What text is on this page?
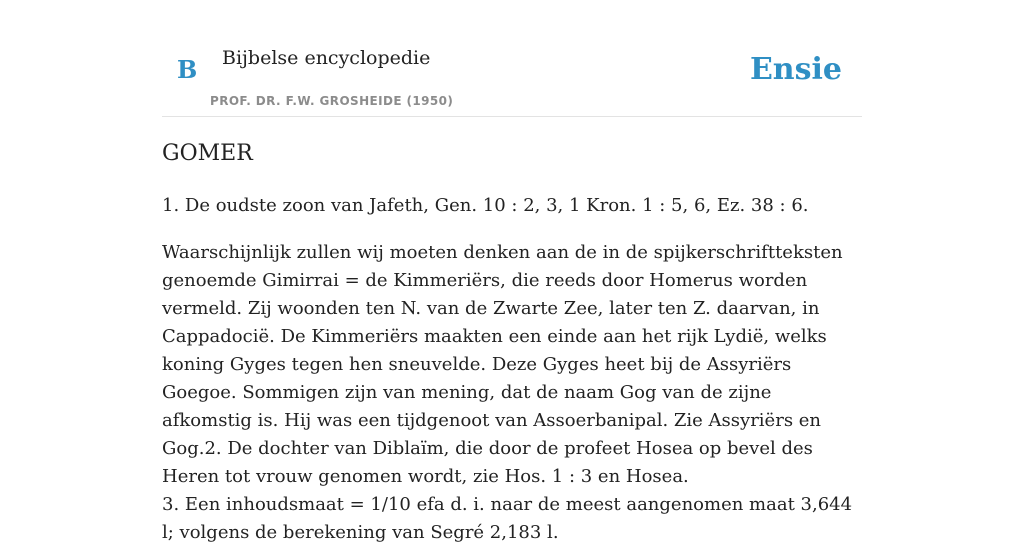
B Bijbelse encyclopedie
PROF. DR. F.W. GROSHEIDE (1950)
Ensie
GOMER

1. De oudste zoon van Jafeth, Gen. 10 : 2, 3, 1 Kron. 1 : 5, 6, Ez. 38 : 6.

Waarschijnlijk zullen wij moeten denken aan de in de spijkerschriftteksten genoemde Gimirrai = de Kimmeriërs, die reeds door Homerus worden vermeld. Zij woonden ten N. van de Zwarte Zee, later ten Z. daarvan, in Cappadocië. De Kimmeriërs maakten een einde aan het rijk Lydië, welks koning Gyges tegen hen sneuvelde. Deze Gyges heet bij de Assyriërs Goegoe. Sommigen zijn van mening, dat de naam Gog van de zijne afkomstig is. Hij was een tijdgenoot van Assoerbanipal. Zie Assyriërs en Gog.2. De dochter van Diblaïm, die door de profeet Hosea op bevel des Heren tot vrouw genomen wordt, zie Hos. 1 : 3 en Hosea.

3. Een inhoudsmaat = 1/10 efa d. i. naar de meest aangenomen maat 3,644 l; volgens de berekening van Segré 2,183 l.
